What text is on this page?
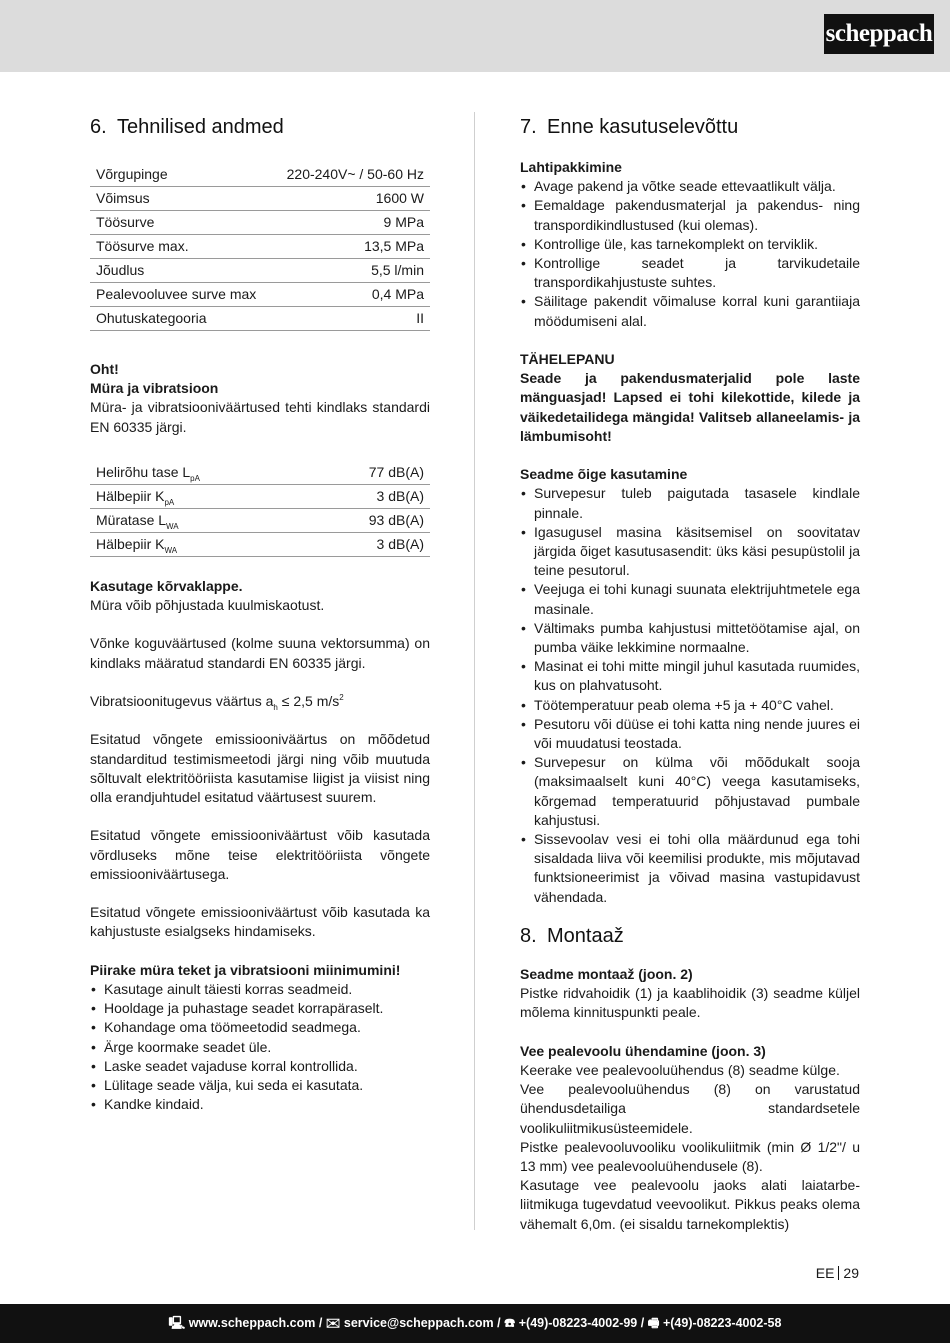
scheppach
6. Tehnilised andmed
Võrgupinge	220-240V~ / 50-60 Hz
Võimsus	1600 W
Töösurve	9 MPa
Töösurve max.	13,5 MPa
Jõudlus	5,5 l/min
Pealevooluvee surve max	0,4 MPa
Ohutuskategooria	II
Oht!
Müra ja vibratsioon

Müra- ja vibratsiooniväärtused tehti kindlaks standardi EN 60335 järgi.

Helirõhu tase $L_{pA}$	77 dB(A)
Hälbepiir $K_{pA}$	3 dB(A)
Müratase $L_{WA}$	93 dB(A)
Hälbepiir $K_{WA}$	3 dB(A)
Kasutage kõrvaklappe.

Müra võib põhjustada kuulmiskaotust.

Võnke koguväärtused (kolme suuna vektorsumma) on kindlaks määratud standardi EN 60335 järgi.

Vibratsioonitugevus väärtus $a_h \le 2,5$ $m/s^2$

Esitatud võngete emissiooniväärtus on mõõdetud standarditud testimismeetodi järgi ning võib muutuda sõltuvalt elektritööriista kasutamise liigist ja viisist ning olla erandjuhtudel esitatud väärtusest suurem.

Esitatud võngete emissiooniväärtust võib kasutada võrdluseks mõne teise elektritööriista võngete emissiooniväärtusega.

Esitatud võngete emissiooniväärtust võib kasutada ka kahjustuste esialgseks hindamiseks.

Piirake müra teket ja vibratsiooni miinimumini!
• Kasutage ainult täiesti korras seadmeid.
• Hooldage ja puhastage seadet korrapäraselt.
• Kohandage oma töömeetodid seadmega.
• Ärge koormake seadet üle.
• Laske seadet vajaduse korral kontrollida.
• Lülitage seade välja, kui seda ei kasutata.
• Kandke kindaid.
7. Enne kasutuselevõttu
Lahtipakkimine
• Avage pakend ja võtke seade ettevaatlikult välja.
• Eemaldage pakendusmaterjal ja pakendus- ning transpordikindlustused (kui olemas).
• Kontrollige üle, kas tarnekomplekt on terviklik.
• Kontrollige seadet ja tarvikudetaile transpordikahjustuste suhtes.
• Säilitage pakendit võimaluse korral kuni garantiiaja möödumiseni alal.
TÄHELEPANU

Seade ja pakendusmaterjalid pole laste mänguasjad! Lapsed ei tohi kilekottide, kilede ja väikedetailidega mängida! Valitseb allaneelamis- ja lämbumisoht!

Seadme õige kasutamine
• Survepesur tuleb paigutada tasasele kindlale pinnale.
• Igasugusel masina käsitsemisel on soovitatav järgida õiget kasutusasendit: üks käsi pesupüstolil ja teine pesutorul.
• Veejuga ei tohi kunagi suunata elektrijuhtmetele ega masinale.
• Vältimaks pumba kahjustusi mittetöötamise ajal, on pumba väike lekkimine normaalne.
• Masinat ei tohi mitte mingil juhul kasutada ruumides, kus on plahvatusoht.
• Töötemperatuur peab olema +5 ja + 40°C vahel.
• Pesutoru või düüse ei tohi katta ning nende juures ei või muudatusi teostada.
• Survepesur on külma või mõõdukalt sooja (maksimaalselt kuni 40°C) veega kasutamiseks, kõrgemad temperatuurid põhjustavad pumbale kahjustusi.
• Sissevoolav vesi ei tohi olla määrdunud ega tohi sisaldada liiva või keemilisi produkte, mis mõjutavad funktsioneerimist ja võivad masina vastupidavust vähendada.
8. Montaaž
Seadme montaaž (joon. 2)

Pistke ridvahoidik (1) ja kaablihoidik (3) seadme küljel mõlema kinnituspunkti peale.

Vee pealevoolu ühendamine (joon. 3)

Keerake vee pealevooluühendus (8) seadme külge.

Vee pealevooluühendus (8) on varustatud ühendusdetailiga standardsetele voolikuliitmikusüsteemidele.

Pistke pealevooluvooliku voolikuliitmik (min Ø 1/2"/ u 13 mm) vee pealevooluühendusele (8).

Kasutage vee pealevoolu jaoks alati laiatarbe-liitmikuga tugevdatud veevoolikut. Pikkus peaks olema vähemalt 6,0m. (ei sisaldu tarnekomplektis)

EE 29
🖳 www.scheppach.com / ✉ service@scheppach.com / ☎ +(49)-08223-4002-99 / 🖷 +(49)-08223-4002-58
